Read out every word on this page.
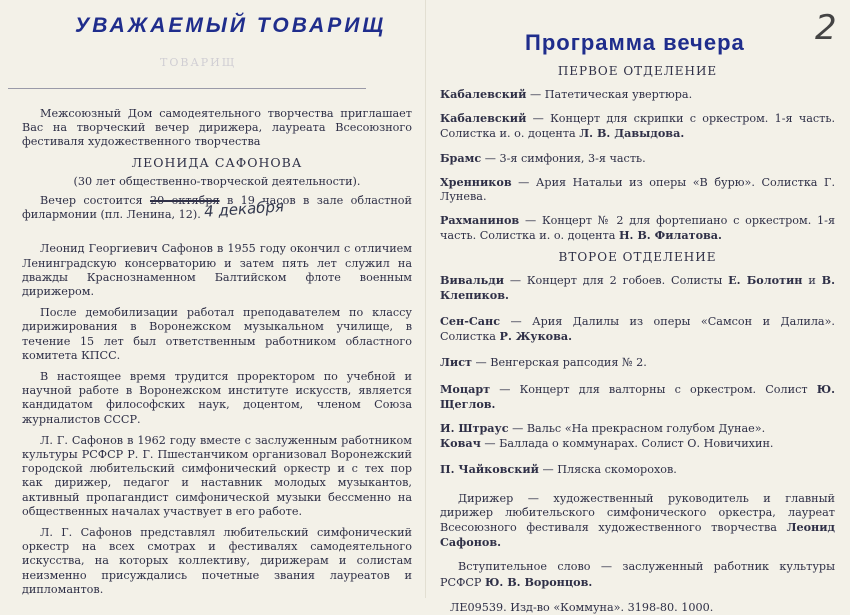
УВАЖАЕМЫЙ ТОВАРИЩ
ТОВАРИЩ

Межсоюзный Дом самодеятельного творчества приглашает Вас на творческий вечер дирижера, лауреата Всесоюзного фестиваля художественного творчества

ЛЕОНИДА САФОНОВА

(30 лет общественно-творческой деятельности).

Вечер состоится 20 октября в 19 часов в зале областной филармонии (пл. Ленина, 12).

Леонид Георгиевич Сафонов в 1955 году окончил с отличием Ленинградскую консерваторию и затем пять лет служил на дважды Краснознаменном Балтийском флоте военным дирижером.

После демобилизации работал преподавателем по классу дирижирования в Воронежском музыкальном училище, в течение 15 лет был ответственным работником областного комитета КПСС.

В настоящее время трудится проректором по учебной и научной работе в Воронежском институте искусств, является кандидатом философских наук, доцентом, членом Союза журналистов СССР.

Л. Г. Сафонов в 1962 году вместе с заслуженным работником культуры РСФСР Р. Г. Пшестанчиком организовал Воронежский городской любительский симфонический оркестр и с тех пор как дирижер, педагог и наставник молодых музыкантов, активный пропагандист симфонической музыки бессменно на общественных началах участвует в его работе.

Л. Г. Сафонов представлял любительский симфонический оркестр на всех смотрах и фестивалях самодеятельного искусства, на которых коллективу, дирижерам и солистам неизменно присуждались почетные звания лауреатов и дипломантов.

4 декабря
2
Программа вечера

ПЕРВОЕ ОТДЕЛЕНИЕ

Кабалевский — Патетическая увертюра.

Кабалевский — Концерт для скрипки с оркестром. 1-я часть. Солистка и. о. доцента Л. В. Давыдова.

Брамс — 3-я симфония, 3-я часть.

Хренников — Ария Натальи из оперы «В бурю». Солистка Г. Лунева.

Рахманинов — Концерт № 2 для фортепиано с оркестром. 1-я часть. Солистка и. о. доцента Н. В. Филатова.

ВТОРОЕ ОТДЕЛЕНИЕ

Вивальди — Концерт для 2 гобоев. Солисты Е. Болотин и В. Клепиков.

Сен-Санс — Ария Далилы из оперы «Самсон и Далила». Солистка Р. Жукова.

Лист — Венгерская рапсодия № 2.

Моцарт — Концерт для валторны с оркестром. Солист Ю. Щеглов.

И. Штраус — Вальс «На прекрасном голубом Дунае».

Ковач — Баллада о коммунарах. Солист О. Новичихин.

П. Чайковский — Пляска скоморохов.

Дирижер — художественный руководитель и главный дирижер любительского симфонического оркестра, лауреат Всесоюзного фестиваля художественного творчества Леонид Сафонов.

Вступительное слово — заслуженный работник культуры РСФСР Ю. В. Воронцов.

ЛЕ09539. Изд-во «Коммуна». 3198-80. 1000.
